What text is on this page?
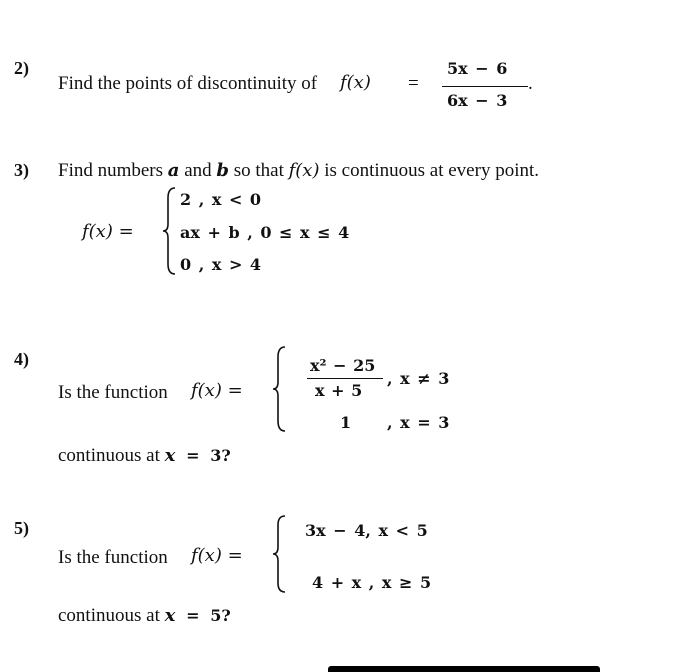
2)
Find the points of discontinuity of f(x) =
5x − 6
6x − 3
.
3) Find numbers a and b so that f(x) is continuous at every point.
f(x) =
2 , x < 0
ax + b , 0 ≤ x ≤ 4
0 , x > 4
4)
Is the function f(x) =
x² − 25
x + 5
, x ≠ 3
1 , x = 3
continuous at x = 3?
5)
Is the function f(x) =
3x − 4, x < 5
4 + x , x ≥ 5
continuous at x = 5?
